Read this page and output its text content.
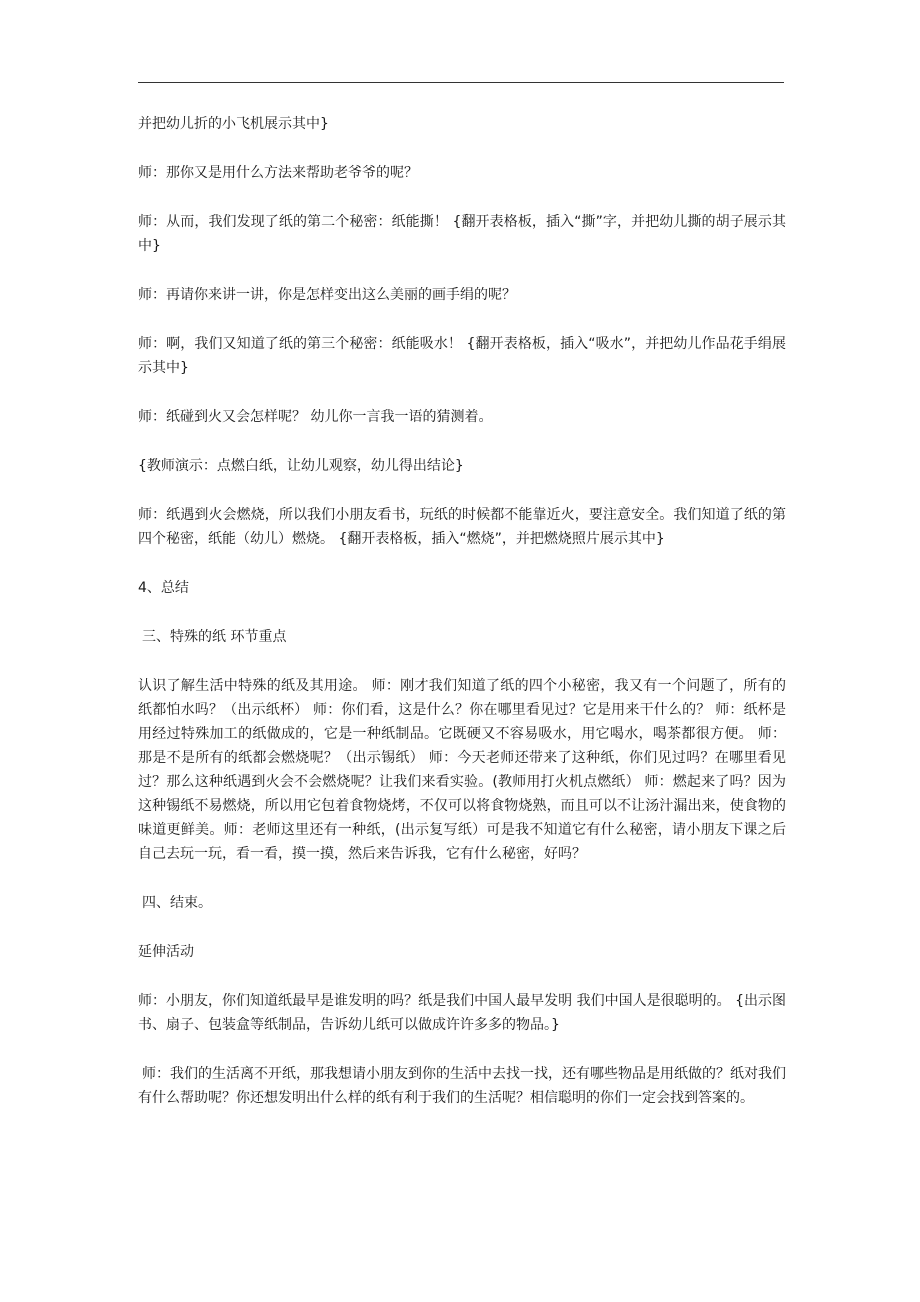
并把幼儿折的小飞机展示其中}

师：那你又是用什么方法来帮助老爷爷的呢？

师：从而，我们发现了纸的第二个秘密：纸能撕！ {翻开表格板，插入“撕”字，并把幼儿撕的胡子展示其中}

师：再请你来讲一讲，你是怎样变出这么美丽的画手绢的呢？

师：啊，我们又知道了纸的第三个秘密：纸能吸水！ {翻开表格板，插入“吸水”，并把幼儿作品花手绢展示其中}

师：纸碰到火又会怎样呢？ 幼儿你一言我一语的猜测着。

{教师演示：点燃白纸，让幼儿观察，幼儿得出结论}

师：纸遇到火会燃烧，所以我们小朋友看书，玩纸的时候都不能靠近火，要注意安全。我们知道了纸的第四个秘密，纸能（幼儿）燃烧。 {翻开表格板，插入“燃烧”，并把燃烧照片展示其中}

4、总结

三、特殊的纸 环节重点

认识了解生活中特殊的纸及其用途。 师：刚才我们知道了纸的四个小秘密，我又有一个问题了，所有的纸都怕水吗？（出示纸杯） 师：你们看，这是什么？你在哪里看见过？它是用来干什么的？ 师：纸杯是用经过特殊加工的纸做成的，它是一种纸制品。它既硬又不容易吸水，用它喝水，喝茶都很方便。 师：那是不是所有的纸都会燃烧呢？（出示锡纸） 师：今天老师还带来了这种纸，你们见过吗？在哪里看见过？那么这种纸遇到火会不会燃烧呢？让我们来看实验。(教师用打火机点燃纸） 师：燃起来了吗？因为这种锡纸不易燃烧，所以用它包着食物烧烤，不仅可以将食物烧熟，而且可以不让汤汁漏出来，使食物的味道更鲜美。师：老师这里还有一种纸，(出示复写纸）可是我不知道它有什么秘密，请小朋友下课之后自己去玩一玩，看一看，摸一摸，然后来告诉我，它有什么秘密，好吗？

四、结束。

延伸活动

师：小朋友，你们知道纸最早是谁发明的吗？纸是我们中国人最早发明 我们中国人是很聪明的。 {出示图书、扇子、包装盒等纸制品，告诉幼儿纸可以做成许许多多的物品。}

师：我们的生活离不开纸，那我想请小朋友到你的生活中去找一找，还有哪些物品是用纸做的？纸对我们有什么帮助呢？你还想发明出什么样的纸有利于我们的生活呢？相信聪明的你们一定会找到答案的。
